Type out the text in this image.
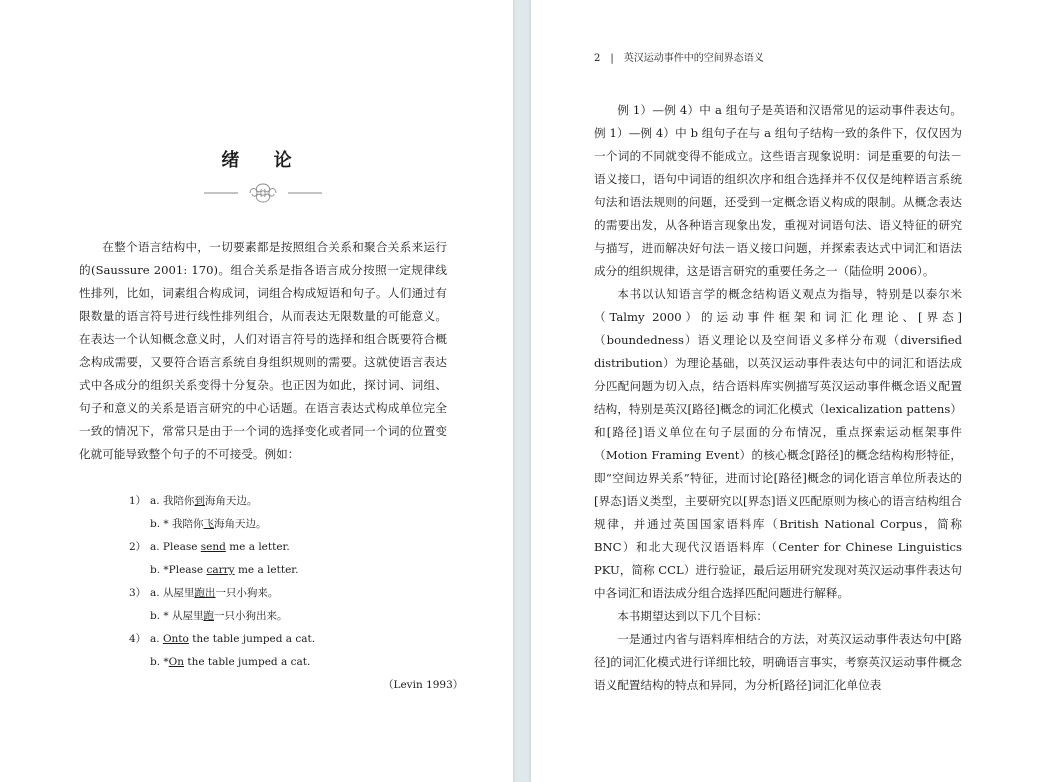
绪 论

在整个语言结构中，一切要素都是按照组合关系和聚合关系来运行的(Saussure 2001: 170)。组合关系是指各语言成分按照一定规律线性排列，比如，词素组合构成词，词组合构成短语和句子。人们通过有限数量的语言符号进行线性排列组合，从而表达无限数量的可能意义。在表达一个认知概念意义时，人们对语言符号的选择和组合既要符合概念构成需要，又要符合语言系统自身组织规则的需要。这就使语言表达式中各成分的组织关系变得十分复杂。也正因为如此，探讨词、词组、句子和意义的关系是语言研究的中心话题。在语言表达式构成单位完全一致的情况下，常常只是由于一个词的选择变化或者同一个词的位置变化就可能导致整个句子的不可接受。例如：

1） a. 我陪你到海角天边。
b. * 我陪你飞海角天边。
2） a. Please send me a letter.
b. *Please carry me a letter.
3） a. 从屋里跑出一只小狗来。
b. * 从屋里跑一只小狗出来。
4） a. Onto the table jumped a cat.
b. *On the table jumped a cat.
（Levin 1993）
2 | 英汉运动事件中的空间界态语义

例 1）—例 4）中 a 组句子是英语和汉语常见的运动事件表达句。例 1）—例 4）中 b 组句子在与 a 组句子结构一致的条件下，仅仅因为一个词的不同就变得不能成立。这些语言现象说明：词是重要的句法－语义接口，语句中词语的组织次序和组合选择并不仅仅是纯粹语言系统句法和语法规则的问题，还受到一定概念语义构成的限制。从概念表达的需要出发，从各种语言现象出发，重视对词语句法、语义特征的研究与描写，进而解决好句法－语义接口问题，并探索表达式中词汇和语法成分的组织规律，这是语言研究的重要任务之一（陆俭明 2006）。

本书以认知语言学的概念结构语义观点为指导，特别是以泰尔米（Talmy 2000）的运动事件框架和词汇化理论、[界态]（boundedness）语义理论以及空间语义多样分布观（diversified distribution）为理论基础，以英汉运动事件表达句中的词汇和语法成分匹配问题为切入点，结合语料库实例描写英汉运动事件概念语义配置结构，特别是英汉[路径]概念的词汇化模式（lexicalization pattens）和[路径]语义单位在句子层面的分布情况，重点探索运动框架事件（Motion Framing Event）的核心概念[路径]的概念结构构形特征，即“空间边界关系”特征，进而讨论[路径]概念的词化语言单位所表达的[界态]语义类型，主要研究以[界态]语义匹配原则为核心的语言结构组合规律，并通过英国国家语料库（British National Corpus，简称 BNC）和北大现代汉语语料库（Center for Chinese Linguistics PKU，简称 CCL）进行验证，最后运用研究发现对英汉运动事件表达句中各词汇和语法成分组合选择匹配问题进行解释。

本书期望达到以下几个目标：

一是通过内省与语料库相结合的方法，对英汉运动事件表达句中[路径]的词汇化模式进行详细比较，明确语言事实，考察英汉运动事件概念语义配置结构的特点和异同，为分析[路径]词汇化单位表
